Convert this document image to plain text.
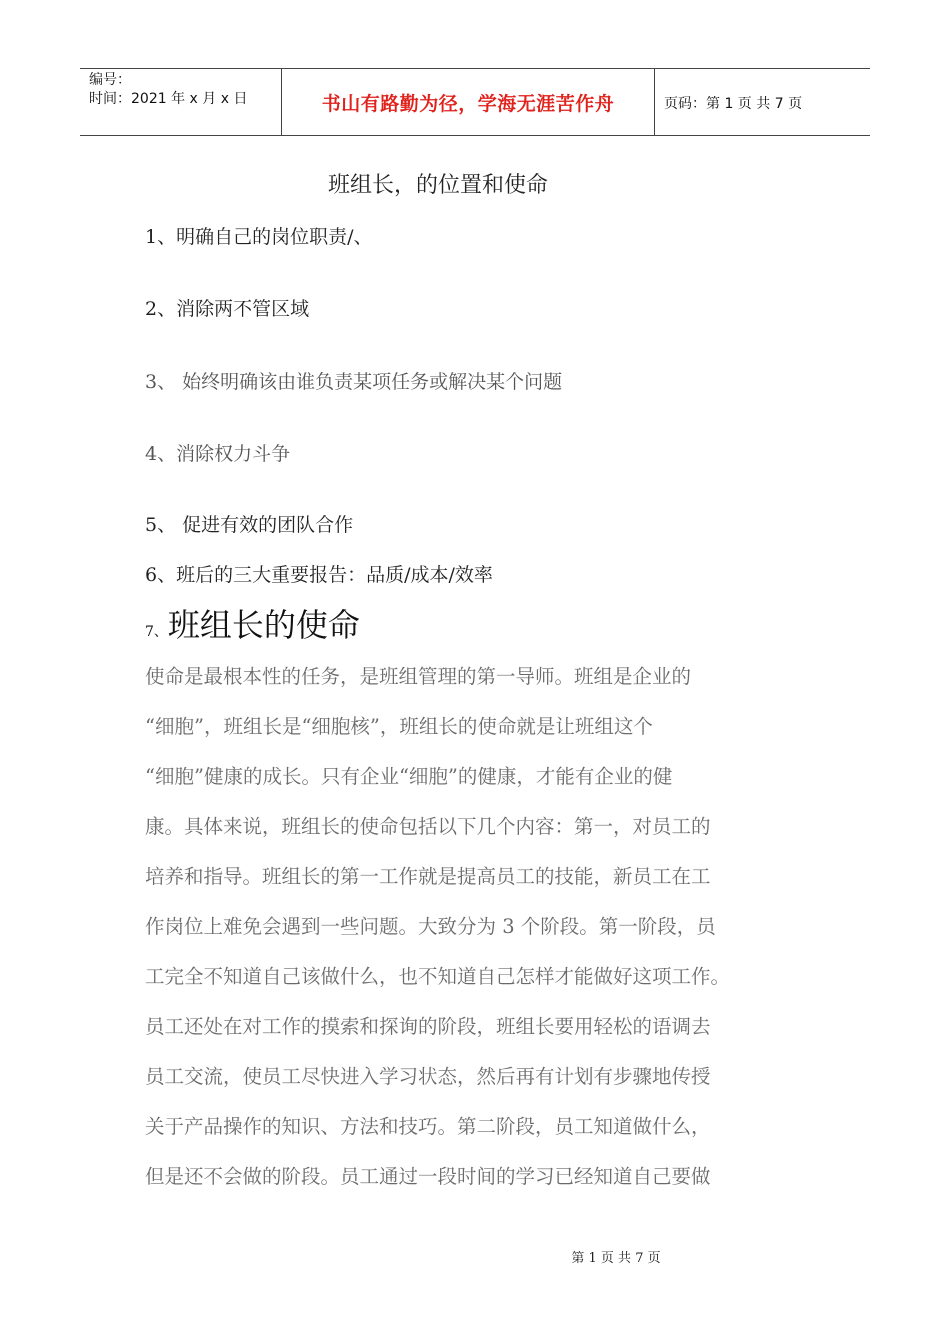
编号：
时间：2021 年 x 月 x 日	书山有路勤为径，学海无涯苦作舟	页码：第 1 页 共 7 页
班组长，的位置和使命
1、明确自己的岗位职责/、
2、消除两不管区域
3、 始终明确该由谁负责某项任务或解决某个问题
4、消除权力斗争
5、 促进有效的团队合作
6、班后的三大重要报告：品质/成本/效率
7、班组长的使命
使命是最根本性的任务，是班组管理的第一导师。班组是企业的
“细胞”，班组长是“细胞核”，班组长的使命就是让班组这个
“细胞”健康的成长。只有企业“细胞”的健康，才能有企业的健
康。具体来说，班组长的使命包括以下几个内容：第一，对员工的
培养和指导。班组长的第一工作就是提高员工的技能，新员工在工
作岗位上难免会遇到一些问题。大致分为 3 个阶段。第一阶段，员
工完全不知道自己该做什么，也不知道自己怎样才能做好这项工作。
员工还处在对工作的摸索和探询的阶段，班组长要用轻松的语调去
员工交流，使员工尽快进入学习状态，然后再有计划有步骤地传授
关于产品操作的知识、方法和技巧。第二阶段，员工知道做什么，
但是还不会做的阶段。员工通过一段时间的学习已经知道自己要做
第 1 页 共 7 页
